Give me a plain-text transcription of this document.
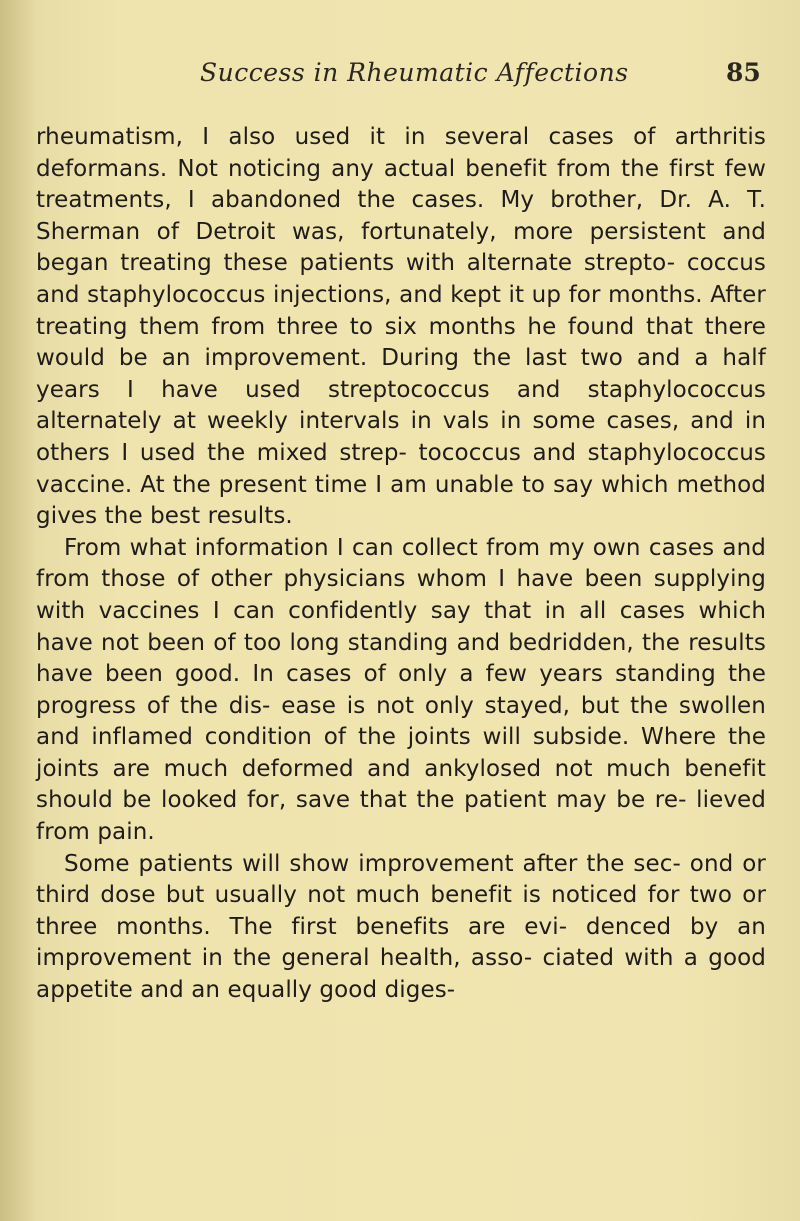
Success in Rheumatic Affections	85

rheumatism, I also used it in several cases of arthritis deformans. Not noticing any actual benefit from the first few treatments, I abandoned the cases. My brother, Dr. A. T. Sherman of Detroit was, fortunately, more persistent and began treating these patients with alternate strepto- coccus and staphylococcus injections, and kept it up for months. After treating them from three to six months he found that there would be an improvement. During the last two and a half years I have used streptococcus and staphylococcus alternately at weekly intervals in vals in some cases, and in others I used the mixed strep- tococcus and staphylococcus vaccine. At the present time I am unable to say which method gives the best results.

From what information I can collect from my own cases and from those of other physicians whom I have been supplying with vaccines I can confidently say that in all cases which have not been of too long standing and bedridden, the results have been good. In cases of only a few years standing the progress of the dis- ease is not only stayed, but the swollen and inflamed condition of the joints will subside. Where the joints are much deformed and ankylosed not much benefit should be looked for, save that the patient may be re- lieved from pain.

Some patients will show improvement after the sec- ond or third dose but usually not much benefit is noticed for two or three months. The first benefits are evi- denced by an improvement in the general health, asso- ciated with a good appetite and an equally good diges-
